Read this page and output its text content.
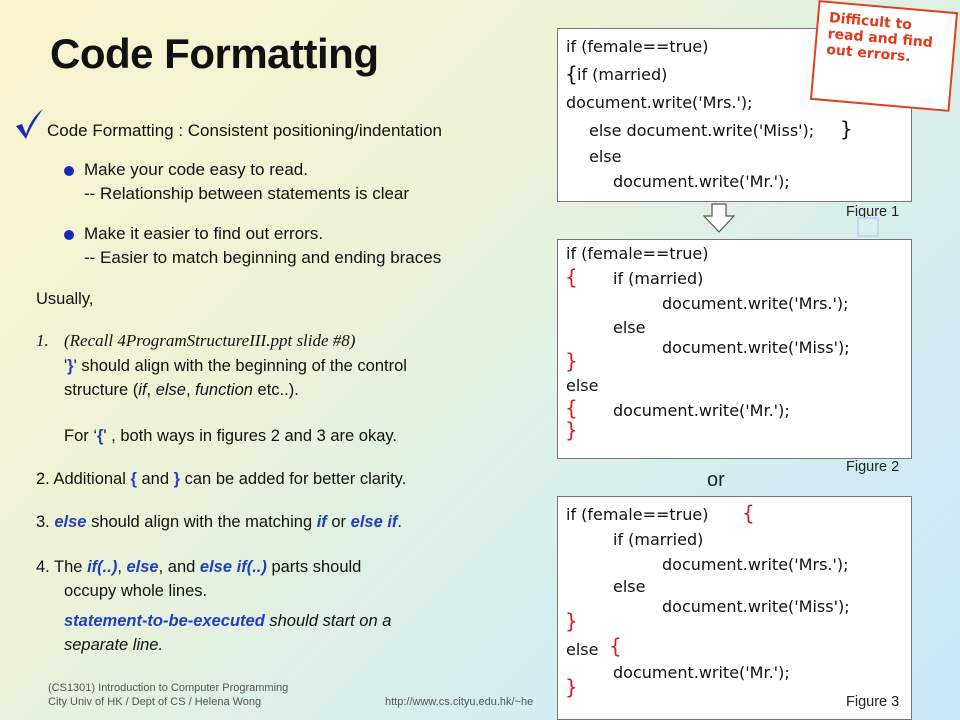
Code Formatting
Code Formatting : Consistent positioning/indentation
Make your code easy to read.
-- Relationship between statements is clear
Make it easier to find out errors.
-- Easier to match beginning and ending braces
Usually,
1. (Recall 4ProgramStructureIII.ppt slide #8)
'}' should align with the beginning of the control
structure (if, else, function etc..).
For ‘{' , both ways in figures 2 and 3 are okay.
2. Additional { and } can be added for better clarity.
3. else should align with the matching if or else if.
4. The if(..), else, and else if(..) parts should
occupy whole lines.
statement-to-be-executed should start on a
separate line.
(CS1301) Introduction to Computer Programming
City Univ of HK / Dept of CS / Helena Wong	http://www.cs.cityu.edu.hk/~he
if (female==true)
{ if (married)
document.write('Mrs.');
else document.write('Miss'); }
else
document.write('Mr.');
Figure 1
Difficult to read and find out errors.
if (female==true)
{ if (married)
document.write('Mrs.');
else
document.write('Miss');
}
else
{ document.write('Mr.');
}
Figure 2
or
if (female==true) {
if (married)
document.write('Mrs.');
else
document.write('Miss');
}
else {
document.write('Mr.');
}
Figure 3
